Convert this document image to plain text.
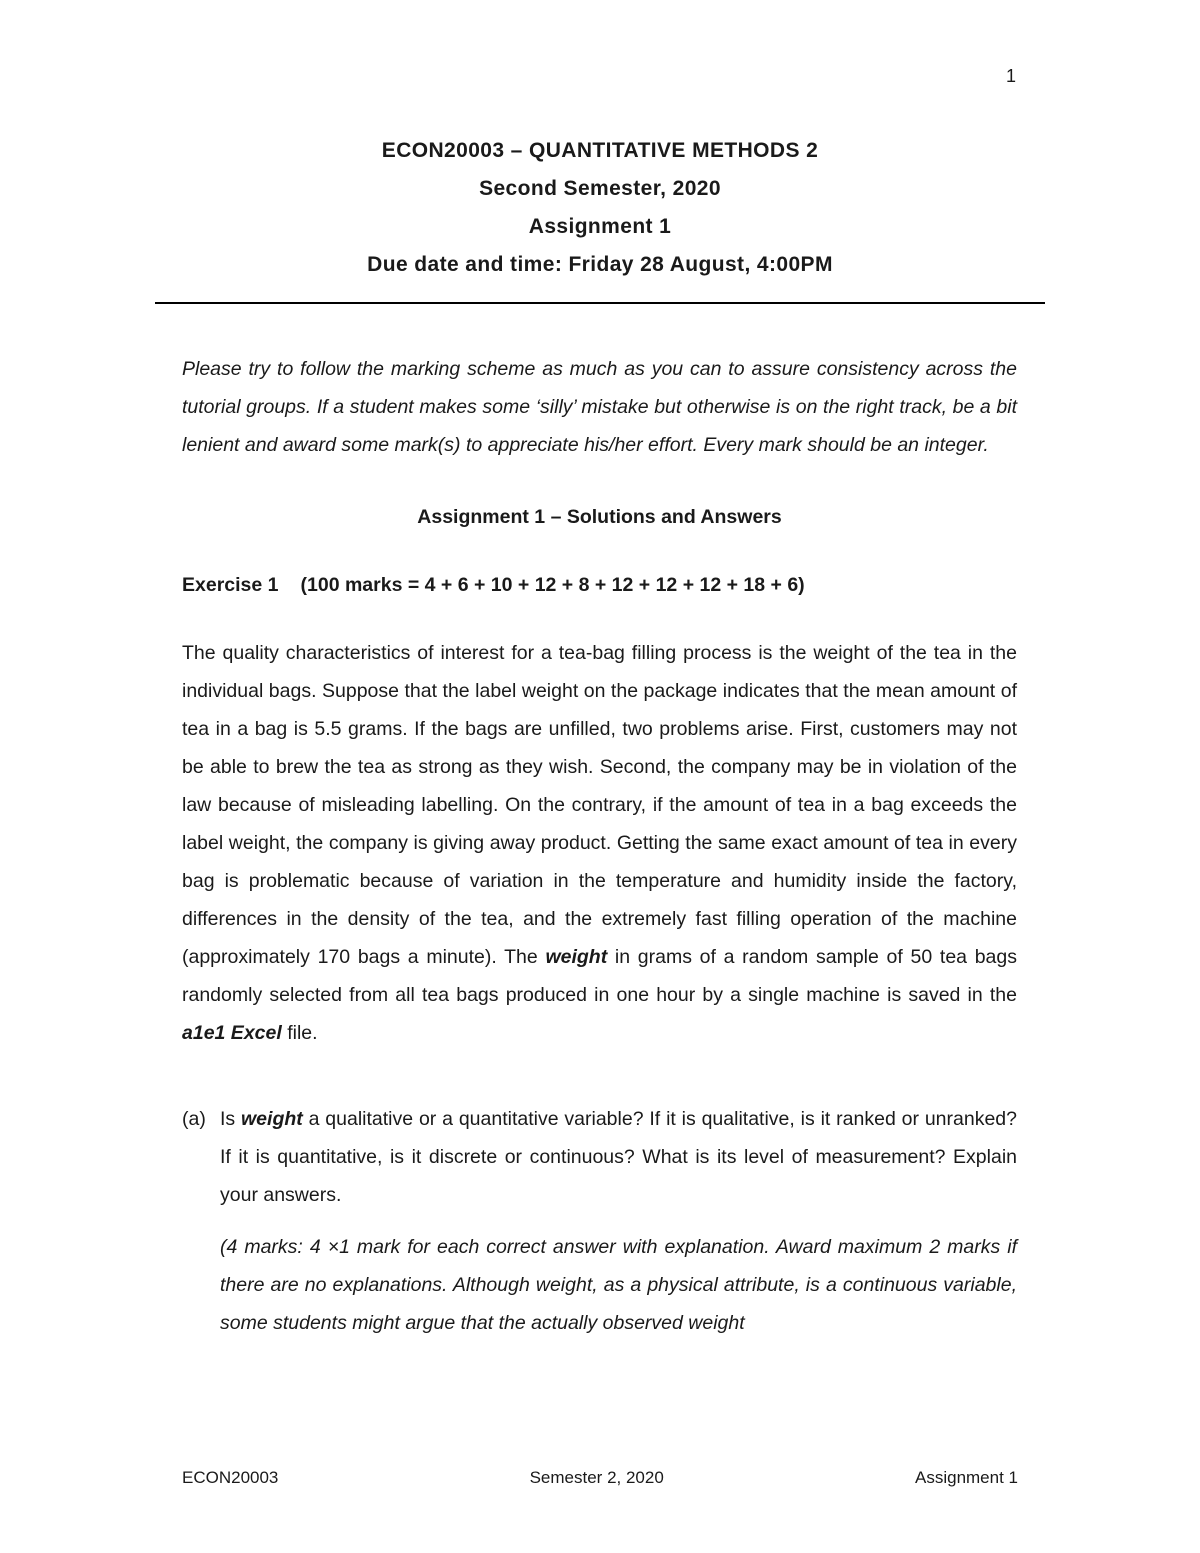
1
ECON20003 – QUANTITATIVE METHODS 2
Second Semester, 2020
Assignment 1
Due date and time: Friday 28 August, 4:00PM

Please try to follow the marking scheme as much as you can to assure consistency across the tutorial groups. If a student makes some ‘silly’ mistake but otherwise is on the right track, be a bit lenient and award some mark(s) to appreciate his/her effort. Every mark should be an integer.

Assignment 1 – Solutions and Answers
Exercise 1 (100 marks = 4 + 6 + 10 + 12 + 8 + 12 + 12 + 12 + 18 + 6)

The quality characteristics of interest for a tea-bag filling process is the weight of the tea in the individual bags. Suppose that the label weight on the package indicates that the mean amount of tea in a bag is 5.5 grams. If the bags are unfilled, two problems arise. First, customers may not be able to brew the tea as strong as they wish. Second, the company may be in violation of the law because of misleading labelling. On the contrary, if the amount of tea in a bag exceeds the label weight, the company is giving away product. Getting the same exact amount of tea in every bag is problematic because of variation in the temperature and humidity inside the factory, differences in the density of the tea, and the extremely fast filling operation of the machine (approximately 170 bags a minute). The weight in grams of a random sample of 50 tea bags randomly selected from all tea bags produced in one hour by a single machine is saved in the a1e1 Excel file.

(a) Is weight a qualitative or a quantitative variable? If it is qualitative, is it ranked or unranked? If it is quantitative, is it discrete or continuous? What is its level of measurement? Explain your answers.
(4 marks: 4 ×1 mark for each correct answer with explanation. Award maximum 2 marks if there are no explanations. Although weight, as a physical attribute, is a continuous variable, some students might argue that the actually observed weight
ECON20003	Semester 2, 2020	Assignment 1
